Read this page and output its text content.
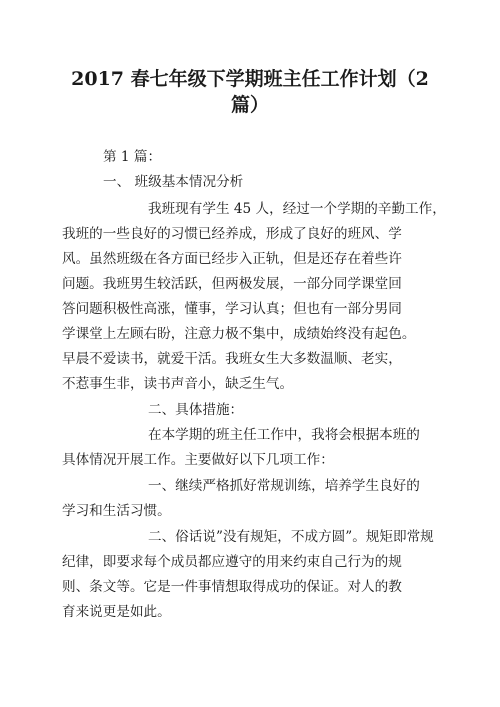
2017 春七年级下学期班主任工作计划（2
篇）

第 1 篇：

一、 班级基本情况分析

我班现有学生 45 人，经过一个学期的辛勤工作，

我班的一些良好的习惯已经养成，形成了良好的班风、学

风。虽然班级在各方面已经步入正轨，但是还存在着些许

问题。我班男生较活跃，但两极发展，一部分同学课堂回

答问题积极性高涨，懂事，学习认真；但也有一部分男同

学课堂上左顾右盼，注意力极不集中，成绩始终没有起色。

早晨不爱读书，就爱干活。我班女生大多数温顺、老实，

不惹事生非，读书声音小，缺乏生气。

二、具体措施：

在本学期的班主任工作中，我将会根据本班的

具体情况开展工作。主要做好以下几项工作：

一、继续严格抓好常规训练，培养学生良好的

学习和生活习惯。

二、俗话说”没有规矩，不成方圆”。规矩即常规

纪律，即要求每个成员都应遵守的用来约束自己行为的规

则、条文等。它是一件事情想取得成功的保证。对人的教

育来说更是如此。
